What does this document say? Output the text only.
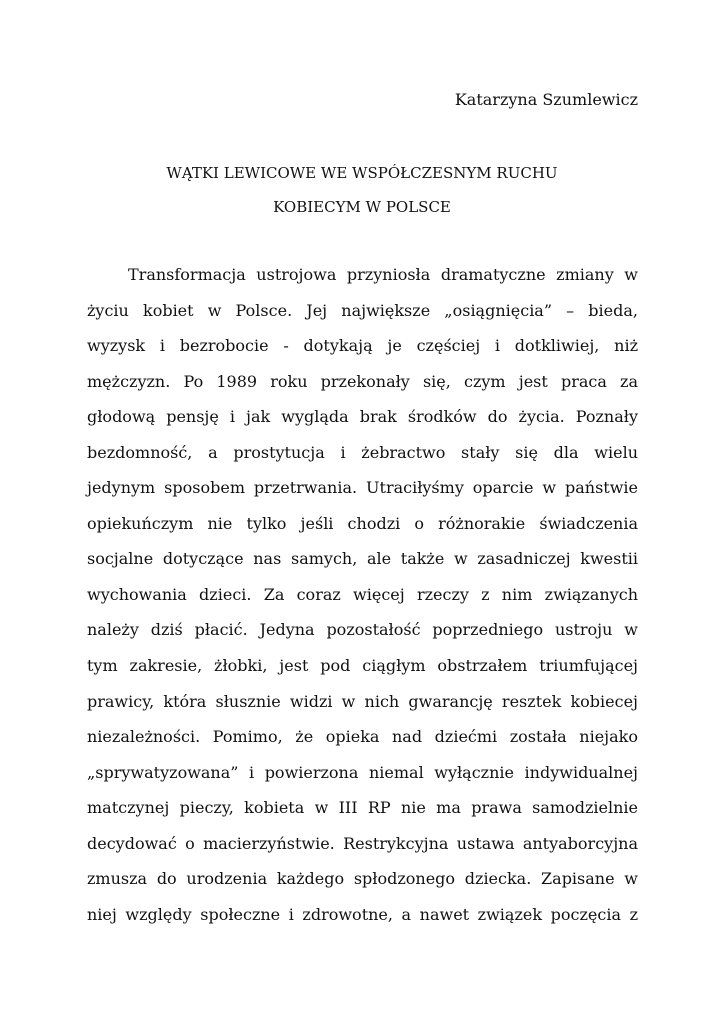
Katarzyna Szumlewicz
WĄTKI LEWICOWE WE WSPÓŁCZESNYM RUCHU
KOBIECYM W POLSCE
Transformacja ustrojowa przyniosła dramatyczne zmiany w
życiu kobiet w Polsce. Jej największe „osiągnięcia” – bieda,
wyzysk i bezrobocie - dotykają je częściej i dotkliwiej, niż
mężczyzn. Po 1989 roku przekonały się, czym jest praca za
głodową pensję i jak wygląda brak środków do życia. Poznały
bezdomność, a prostytucja i żebractwo stały się dla wielu
jedynym sposobem przetrwania. Utraciłyśmy oparcie w państwie
opiekuńczym nie tylko jeśli chodzi o różnorakie świadczenia
socjalne dotyczące nas samych, ale także w zasadniczej kwestii
wychowania dzieci. Za coraz więcej rzeczy z nim związanych
należy dziś płacić. Jedyna pozostałość poprzedniego ustroju w
tym zakresie, żłobki, jest pod ciągłym obstrzałem triumfującej
prawicy, która słusznie widzi w nich gwarancję resztek kobiecej
niezależności. Pomimo, że opieka nad dziećmi została niejako
„sprywatyzowana” i powierzona niemal wyłącznie indywidualnej
matczynej pieczy, kobieta w III RP nie ma prawa samodzielnie
decydować o macierzyństwie. Restrykcyjna ustawa antyaborcyjna
zmusza do urodzenia każdego spłodzonego dziecka. Zapisane w
niej względy społeczne i zdrowotne, a nawet związek poczęcia z
